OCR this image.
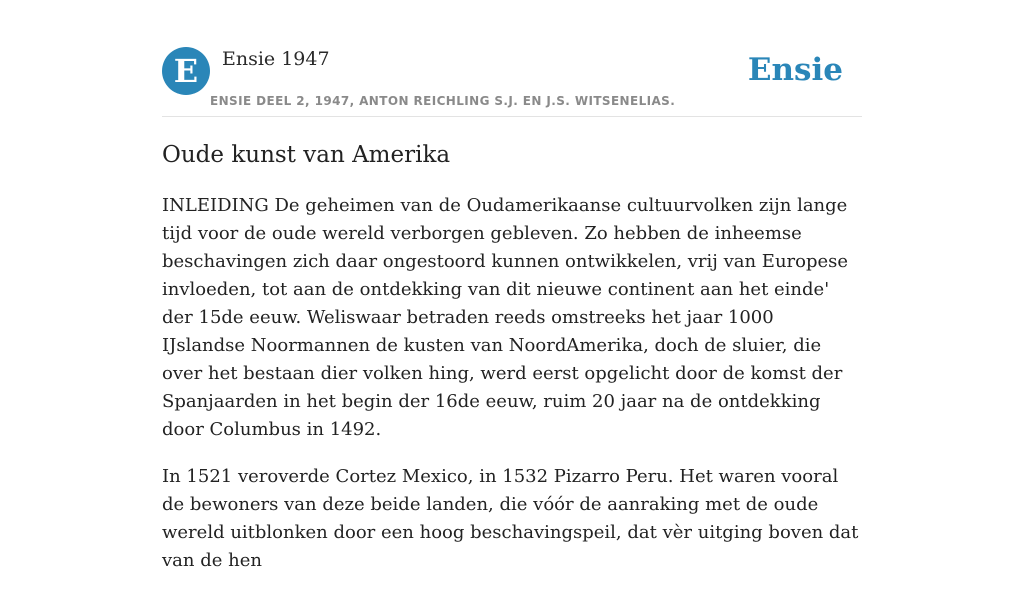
E	Ensie 1947
ENSIE DEEL 2, 1947, ANTON REICHLING S.J. EN J.S. WITSENELIAS.
Ensie
Oude kunst van Amerika

INLEIDING De geheimen van de Oudamerikaanse cultuurvolken zijn lange tijd voor de oude wereld verborgen gebleven. Zo hebben de inheemse beschavingen zich daar ongestoord kunnen ontwikkelen, vrij van Europese invloeden, tot aan de ontdekking van dit nieuwe continent aan het einde' der 15de eeuw. Weliswaar betraden reeds omstreeks het jaar 1000 IJslandse Noormannen de kusten van NoordAmerika, doch de sluier, die over het bestaan dier volken hing, werd eerst opgelicht door de komst der Spanjaarden in het begin der 16de eeuw, ruim 20 jaar na de ontdekking door Columbus in 1492.

In 1521 veroverde Cortez Mexico, in 1532 Pizarro Peru. Het waren vooral de bewoners van deze beide landen, die vóór de aanraking met de oude wereld uitblonken door een hoog beschavingspeil, dat vèr uitging boven dat van de hen
